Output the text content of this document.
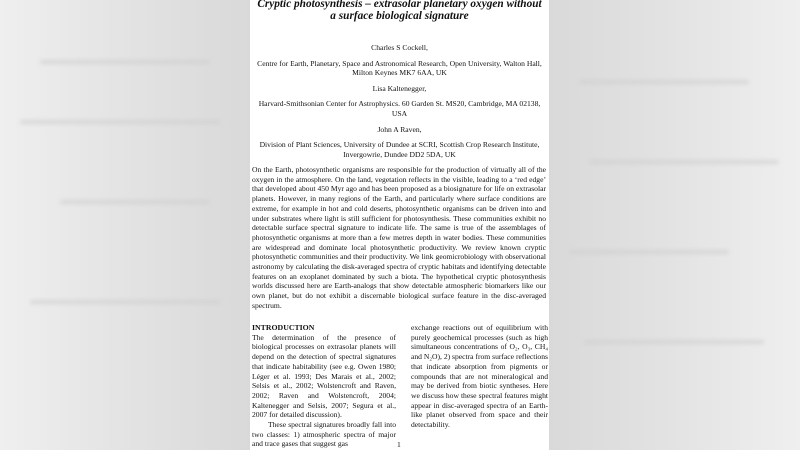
Cryptic photosynthesis – extrasolar planetary oxygen without a surface biological signature

Charles S Cockell,

Centre for Earth, Planetary, Space and Astronomical Research, Open University, Walton Hall, Milton Keynes MK7 6AA, UK

Lisa Kaltenegger,

Harvard-Smithsonian Center for Astrophysics. 60 Garden St. MS20, Cambridge, MA 02138, USA

John A Raven,

Division of Plant Sciences, University of Dundee at SCRI, Scottish Crop Research Institute, Invergowrie, Dundee DD2 5DA, UK

On the Earth, photosynthetic organisms are responsible for the production of virtually all of the oxygen in the atmosphere. On the land, vegetation reflects in the visible, leading to a ‘red edge’ that developed about 450 Myr ago and has been proposed as a biosignature for life on extrasolar planets. However, in many regions of the Earth, and particularly where surface conditions are extreme, for example in hot and cold deserts, photosynthetic organisms can be driven into and under substrates where light is still sufficient for photosynthesis. These communities exhibit no detectable surface spectral signature to indicate life. The same is true of the assemblages of photosynthetic organisms at more than a few metres depth in water bodies. These communities are widespread and dominate local photosynthetic productivity. We review known cryptic photosynthetic communities and their productivity. We link geomicrobiology with observational astronomy by calculating the disk-averaged spectra of cryptic habitats and identifying detectable features on an exoplanet dominated by such a biota. The hypothetical cryptic photosynthesis worlds discussed here are Earth-analogs that show detectable atmospheric biomarkers like our own planet, but do not exhibit a discernable biological surface feature in the disc-averaged spectrum.

INTRODUCTION

The determination of the presence of biological processes on extrasolar planets will depend on the detection of spectral signatures that indicate habitability (see e.g. Owen 1980; Léger et al. 1993; Des Marais et al., 2002; Selsis et al., 2002; Wolstencroft and Raven, 2002; Raven and Wolstencroft, 2004; Kaltenegger and Selsis, 2007; Segura et al., 2007 for detailed discussion).

These spectral signatures broadly fall into two classes: 1) atmospheric spectra of major and trace gases that suggest gas

exchange reactions out of equilibrium with purely geochemical processes (such as high simultaneous concentrations of O₂, O₃, CH₄ and N₂O), 2) spectra from surface reflections that indicate absorption from pigments or compounds that are not mineralogical and may be derived from biotic syntheses. Here we discuss how these spectral features might appear in disc-averaged spectra of an Earth-like planet observed from space and their detectability.

1
